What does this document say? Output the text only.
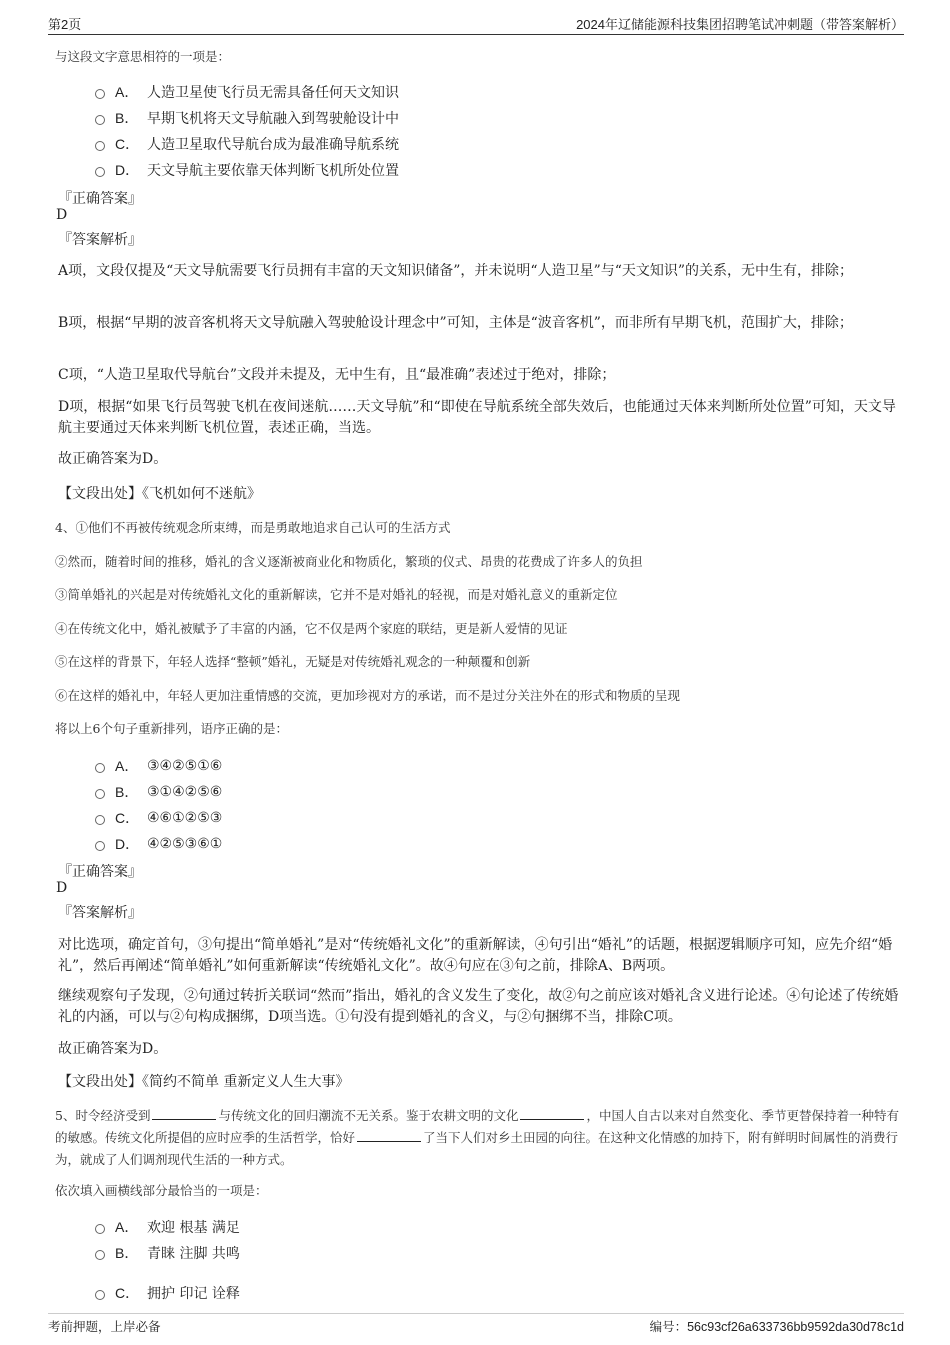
第2页	2024年辽储能源科技集团招聘笔试冲刺题（带答案解析）
与这段文字意思相符的一项是：
A． 人造卫星使飞行员无需具备任何天文知识
B． 早期飞机将天文导航融入到驾驶舱设计中
C． 人造卫星取代导航台成为最准确导航系统
D． 天文导航主要依靠天体判断飞机所处位置
『正确答案』
D
『答案解析』
A项，文段仅提及“天文导航需要飞行员拥有丰富的天文知识储备”，并未说明“人造卫星”与“天文知识”的关系，无中生有，排除；
B项，根据“早期的波音客机将天文导航融入驾驶舱设计理念中”可知，主体是“波音客机”，而非所有早期飞机，范围扩大，排除；
C项，“人造卫星取代导航台”文段并未提及，无中生有，且“最准确”表述过于绝对，排除；
D项，根据“如果飞行员驾驶飞机在夜间迷航……天文导航”和“即使在导航系统全部失效后，也能通过天体来判断所处位置”可知，天文导航主要通过天体来判断飞机位置，表述正确，当选。
故正确答案为D。
【文段出处】《飞机如何不迷航》
4、①他们不再被传统观念所束缚，而是勇敢地追求自己认可的生活方式
②然而，随着时间的推移，婚礼的含义逐渐被商业化和物质化，繁琐的仪式、昂贵的花费成了许多人的负担
③简单婚礼的兴起是对传统婚礼文化的重新解读，它并不是对婚礼的轻视，而是对婚礼意义的重新定位
④在传统文化中，婚礼被赋予了丰富的内涵，它不仅是两个家庭的联结，更是新人爱情的见证
⑤在这样的背景下，年轻人选择“整顿”婚礼，无疑是对传统婚礼观念的一种颠覆和创新
⑥在这样的婚礼中，年轻人更加注重情感的交流，更加珍视对方的承诺，而不是过分关注外在的形式和物质的呈现
将以上6个句子重新排列，语序正确的是：
A． ③④②⑤①⑥
B． ③①④②⑤⑥
C． ④⑥①②⑤③
D． ④②⑤③⑥①
『正确答案』
D
『答案解析』
对比选项，确定首句，③句提出“简单婚礼”是对“传统婚礼文化”的重新解读，④句引出“婚礼”的话题，根据逻辑顺序可知，应先介绍“婚礼”，然后再阐述“简单婚礼”如何重新解读“传统婚礼文化”。故④句应在③句之前，排除A、B两项。
继续观察句子发现，②句通过转折关联词“然而”指出，婚礼的含义发生了变化，故②句之前应该对婚礼含义进行论述。④句论述了传统婚礼的内涵，可以与②句构成捆绑，D项当选。①句没有提到婚礼的含义，与②句捆绑不当，排除C项。
故正确答案为D。
【文段出处】《简约不简单 重新定义人生大事》
5、时令经济受到	与传统文化的回归潮流不无关系。鉴于农耕文明的文化	，中国人自古以来对自然变化、季节更替保持着一种特有的敏感。传统文化所提倡的应时应季的生活哲学，恰好	了当下人们对乡土田园的向往。在这种文化情感的加持下，附有鲜明时间属性的消费行为，就成了人们调剂现代生活的一种方式。
依次填入画横线部分最恰当的一项是：
A． 欢迎 根基 满足
B． 青睐 注脚 共鸣
C． 拥护 印记 诠释
考前押题，上岸必备	编号：56c93cf26a633736bb9592da30d78c1d
